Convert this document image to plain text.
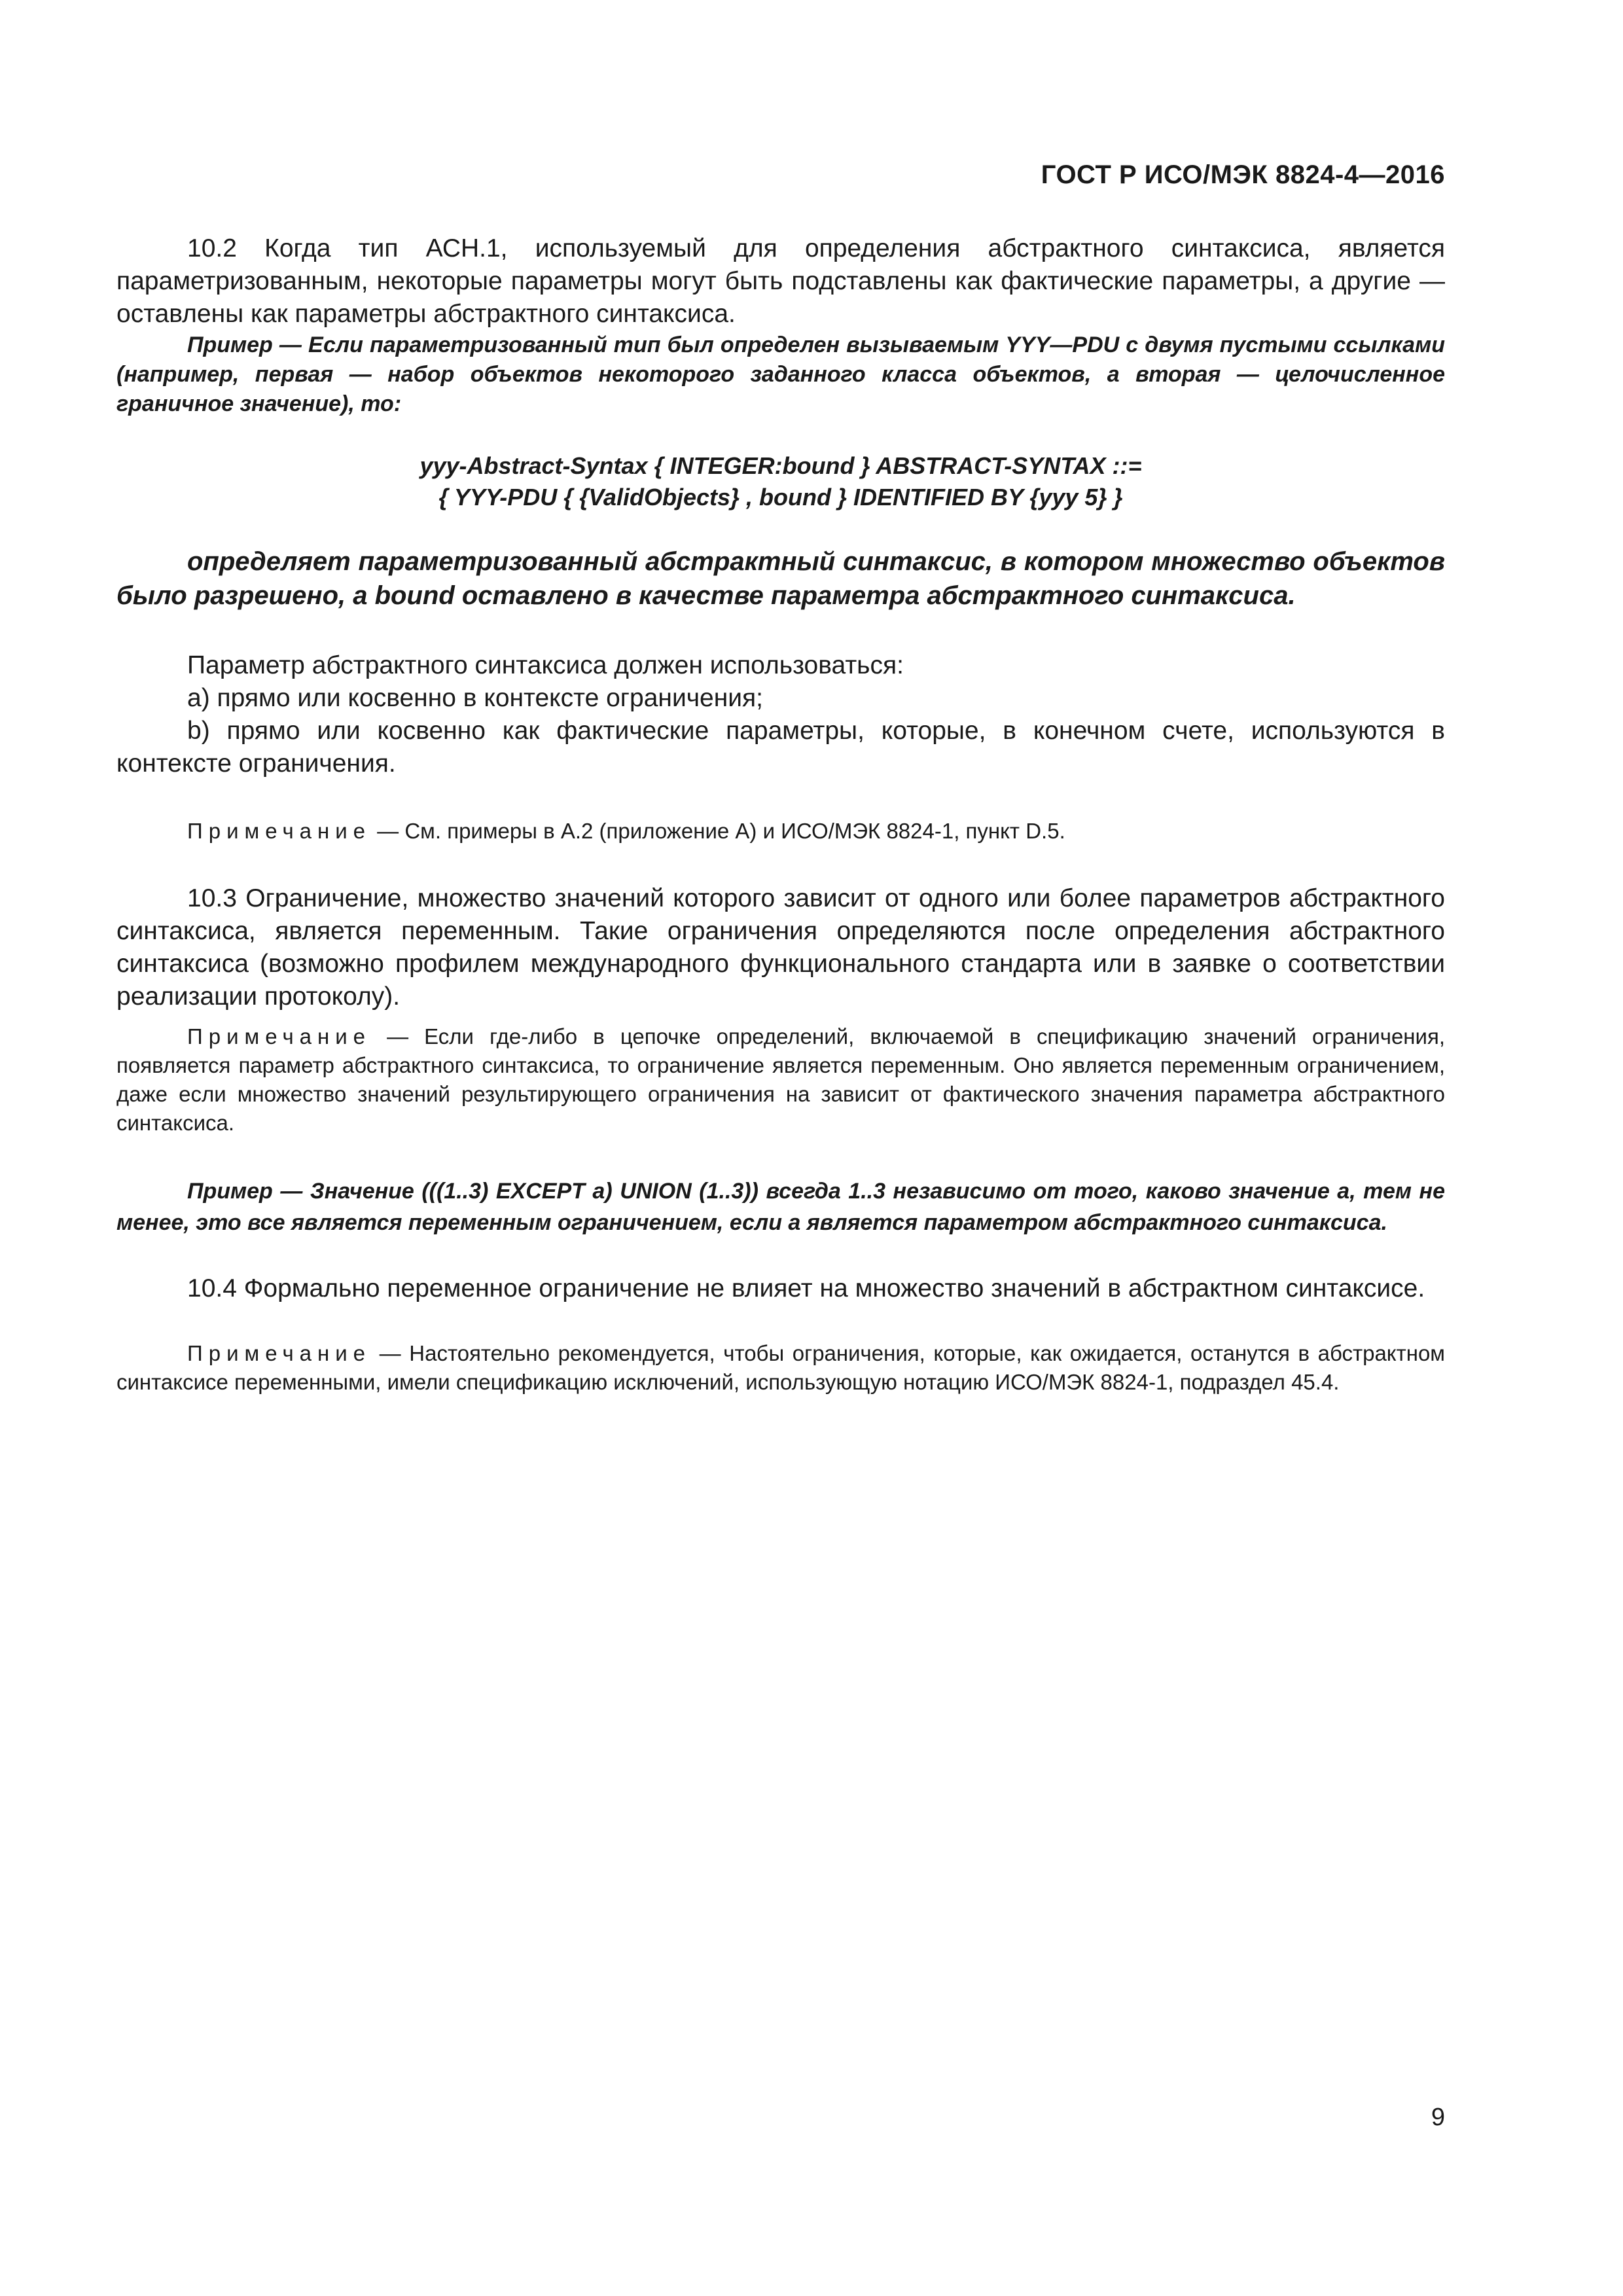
ГОСТ Р ИСО/МЭК 8824-4—2016

10.2 Когда тип АСН.1, используемый для определения абстрактного синтаксиса, является параметризованным, некоторые параметры могут быть подставлены как фактические параметры, а другие — оставлены как параметры абстрактного синтаксиса.

Пример — Если параметризованный тип был определен вызываемым YYY—PDU с двумя пустыми ссылками (например, первая — набор объектов некоторого заданного класса объектов, а вторая — целочисленное граничное значение), то:

yyy-Abstract-Syntax { INTEGER:bound } ABSTRACT-SYNTAX ::=

{ YYY-PDU { {ValidObjects} , bound } IDENTIFIED BY {yyy 5} }

определяет параметризованный абстрактный синтаксис, в котором множество объектов было разрешено, а bound оставлено в качестве параметра абстрактного синтаксиса.

Параметр абстрактного синтаксиса должен использоваться:

a) прямо или косвенно в контексте ограничения;

b) прямо или косвенно как фактические параметры, которые, в конечном счете, используются в контексте ограничения.

Примечание — См. примеры в А.2 (приложение А) и ИСО/МЭК 8824-1, пункт D.5.

10.3 Ограничение, множество значений которого зависит от одного или более параметров абстрактного синтаксиса, является переменным. Такие ограничения определяются после определения абстрактного синтаксиса (возможно профилем международного функционального стандарта или в заявке о соответствии реализации протоколу).

Примечание — Если где-либо в цепочке определений, включаемой в спецификацию значений ограничения, появляется параметр абстрактного синтаксиса, то ограничение является переменным. Оно является переменным ограничением, даже если множество значений результирующего ограничения на зависит от фактического значения параметра абстрактного синтаксиса.

Пример — Значение (((1..3) EXCEPT a) UNION (1..3)) всегда 1..3 независимо от того, каково значение a, тем не менее, это все является переменным ограничением, если a является параметром абстрактного синтаксиса.

10.4 Формально переменное ограничение не влияет на множество значений в абстрактном синтаксисе.

Примечание — Настоятельно рекомендуется, чтобы ограничения, которые, как ожидается, останутся в абстрактном синтаксисе переменными, имели спецификацию исключений, использующую нотацию ИСО/МЭК 8824-1, подраздел 45.4.

9
